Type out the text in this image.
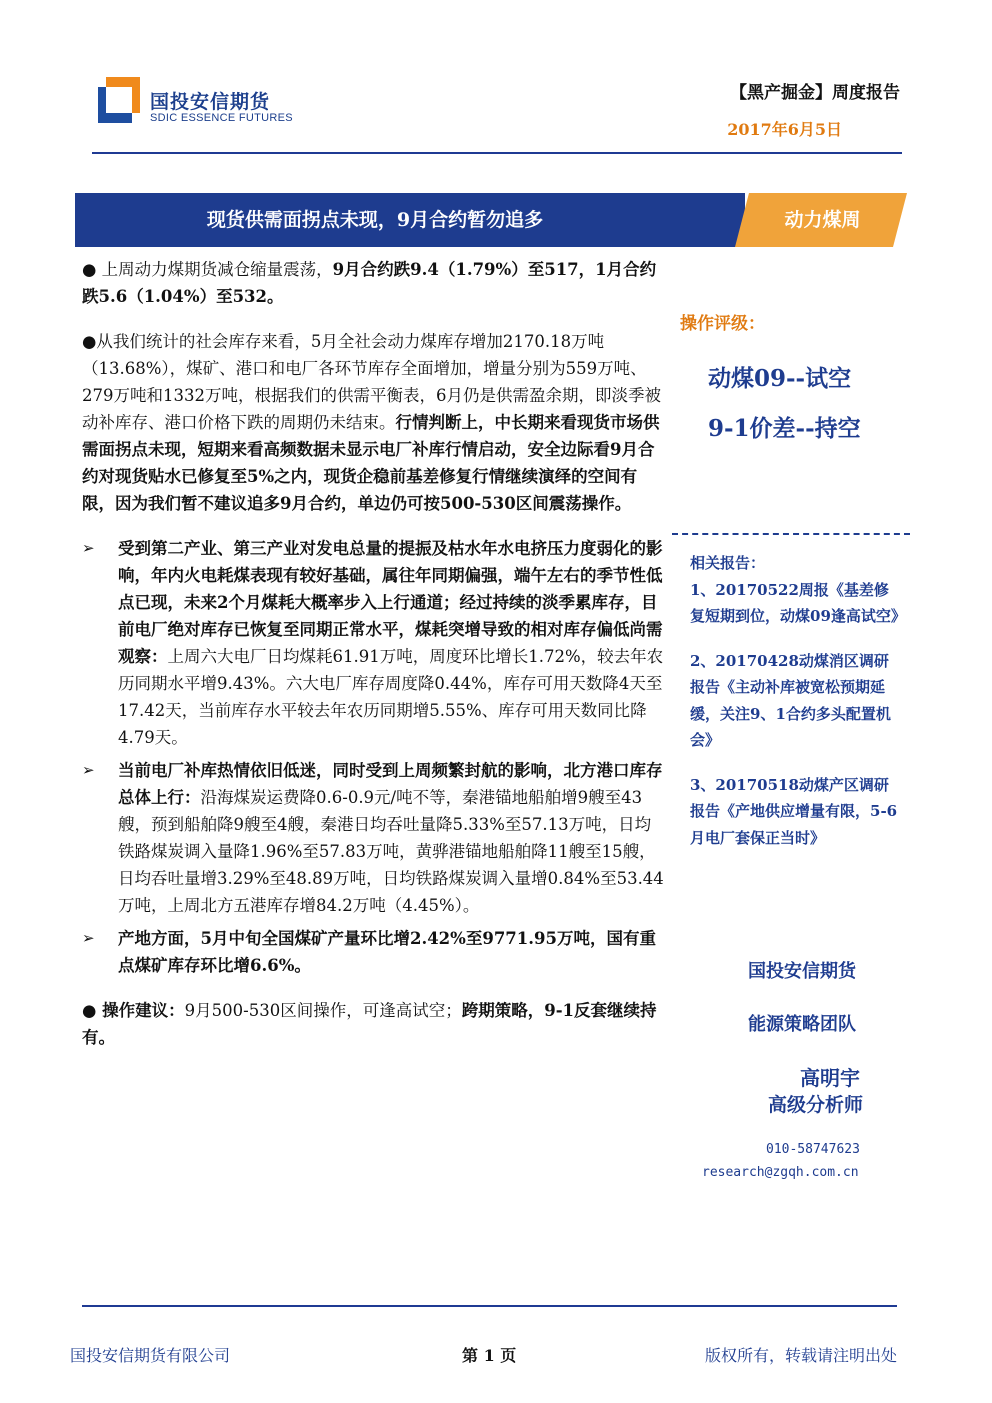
国投安信期货
SDIC ESSENCE FUTURES
【黑产掘金】周度报告
2017年6月5日
现货供需面拐点未现，9月合约暂勿追多	动力煤周

● 上周动力煤期货减仓缩量震荡，9月合约跌9.4（1.79%）至517，1月合约跌5.6（1.04%）至532。

●从我们统计的社会库存来看，5月全社会动力煤库存增加2170.18万吨（13.68%），煤矿、港口和电厂各环节库存全面增加，增量分别为559万吨、279万吨和1332万吨，根据我们的供需平衡表，6月仍是供需盈余期，即淡季被动补库存、港口价格下跌的周期仍未结束。行情判断上，中长期来看现货市场供需面拐点未现，短期来看高频数据未显示电厂补库行情启动，安全边际看9月合约对现货贴水已修复至5%之内，现货企稳前基差修复行情继续演绎的空间有限，因为我们暂不建议追多9月合约，单边仍可按500-530区间震荡操作。

➢ 受到第二产业、第三产业对发电总量的提振及枯水年水电挤压力度弱化的影响，年内火电耗煤表现有较好基础，属往年同期偏强，端午左右的季节性低点已现，未来2个月煤耗大概率步入上行通道；经过持续的淡季累库存，目前电厂绝对库存已恢复至同期正常水平，煤耗突增导致的相对库存偏低尚需观察：上周六大电厂日均煤耗61.91万吨，周度环比增长1.72%，较去年农历同期水平增9.43%。六大电厂库存周度降0.44%，库存可用天数降4天至17.42天，当前库存水平较去年农历同期增5.55%、库存可用天数同比降4.79天。

➢ 当前电厂补库热情依旧低迷，同时受到上周频繁封航的影响，北方港口库存总体上行：沿海煤炭运费降0.6-0.9元/吨不等，秦港锚地船舶增9艘至43艘，预到船舶降9艘至4艘，秦港日均吞吐量降5.33%至57.13万吨，日均铁路煤炭调入量降1.96%至57.83万吨，黄骅港锚地船舶降11艘至15艘，日均吞吐量增3.29%至48.89万吨，日均铁路煤炭调入量增0.84%至53.44万吨，上周北方五港库存增84.2万吨（4.45%）。

➢ 产地方面，5月中旬全国煤矿产量环比增2.42%至9771.95万吨，国有重点煤矿库存环比增6.6%。

● 操作建议：9月500-530区间操作，可逢高试空；跨期策略，9-1反套继续持有。

操作评级：
动煤09--试空
9-1价差--持空

相关报告：

1、20170522周报《基差修复短期到位，动煤09逢高试空》

2、20170428动煤消区调研报告《主动补库被宽松预期延缓，关注9、1合约多头配置机会》

3、20170518动煤产区调研报告《产地供应增量有限，5-6月电厂套保正当时》

国投安信期货
能源策略团队
高明宇
高级分析师
010-58747623
research@zgqh.com.cn
国投安信期货有限公司	第 1 页	版权所有，转载请注明出处
